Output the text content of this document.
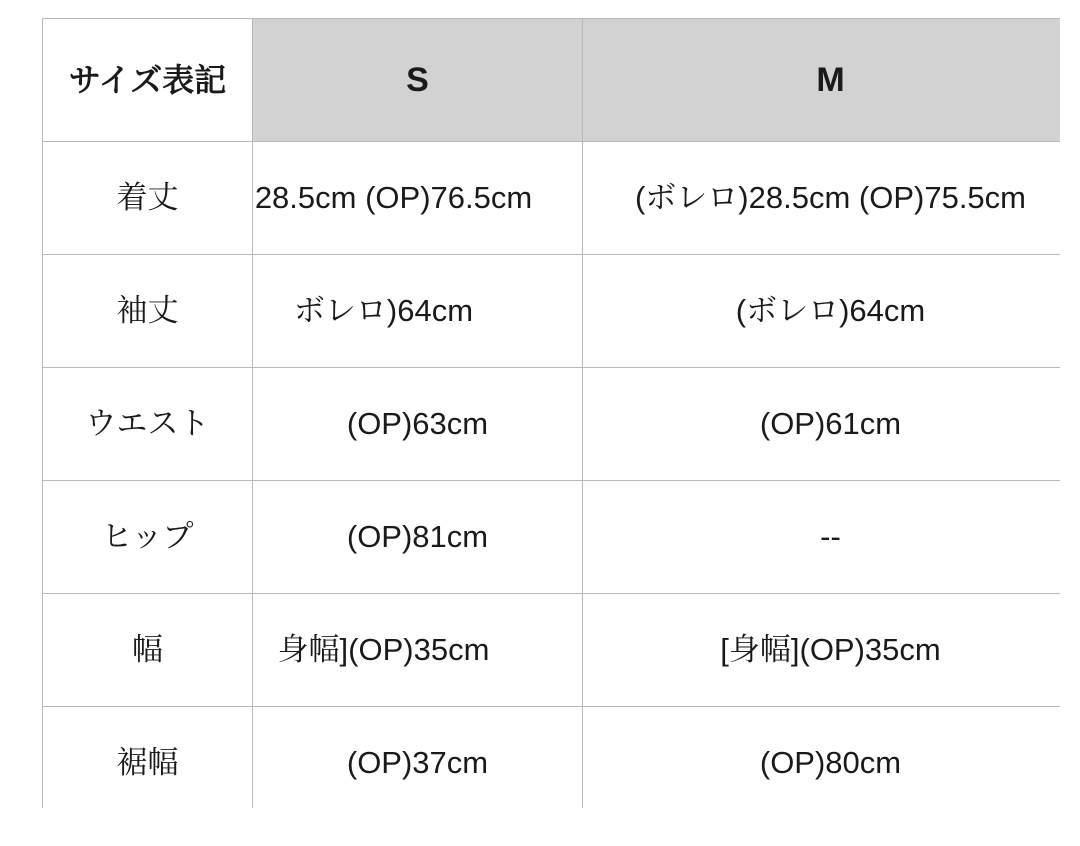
サイズ表記	S	M
着丈	28.5cm (OP)76.5cm	(ボレロ)28.5cm (OP)75.5cm

袖丈	ボレロ)64cm	(ボレロ)64cm

ウエスト	(OP)63cm	(OP)61cm

ヒップ	(OP)81cm	--

幅	身幅](OP)35cm	[身幅](OP)35cm

裾幅	(OP)37cm	(OP)80cm
